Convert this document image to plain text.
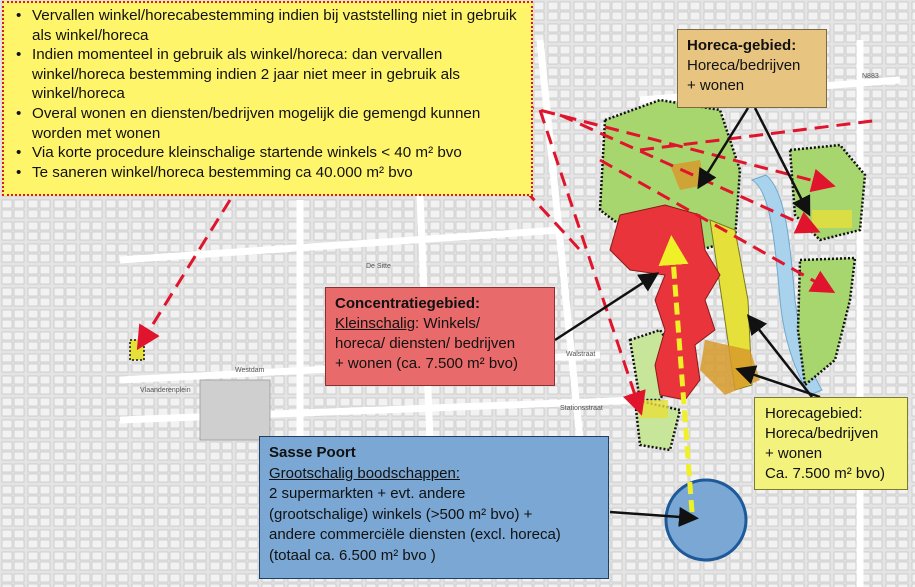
N883
De Sitte
Westdam
Vlaanderenplein
Walstraat
Stationsstraat
• Vervallen winkel/horecabestemming indien bij vaststelling niet in gebruik als winkel/horeca
• Indien momenteel in gebruik als winkel/horeca: dan vervallen winkel/horeca bestemming indien 2 jaar niet meer in gebruik als winkel/horeca
• Overal wonen en diensten/bedrijven mogelijk die gemengd kunnen worden met wonen
• Via korte procedure kleinschalige startende winkels < 40 m² bvo
• Te saneren winkel/horeca bestemming ca 40.000 m² bvo
Horeca-gebied:
Horeca/bedrijven
+ wonen
Concentratiegebied:
Kleinschalig: Winkels/
horeca/ diensten/ bedrijven
+ wonen (ca. 7.500 m² bvo)
Horecagebied:
Horeca/bedrijven
+ wonen
Ca. 7.500 m² bvo)
Sasse Poort
Grootschalig boodschappen:
2 supermarkten + evt. andere
(grootschalige) winkels (>500 m² bvo) +
andere commerciële diensten (excl. horeca)
(totaal ca. 6.500 m² bvo )
